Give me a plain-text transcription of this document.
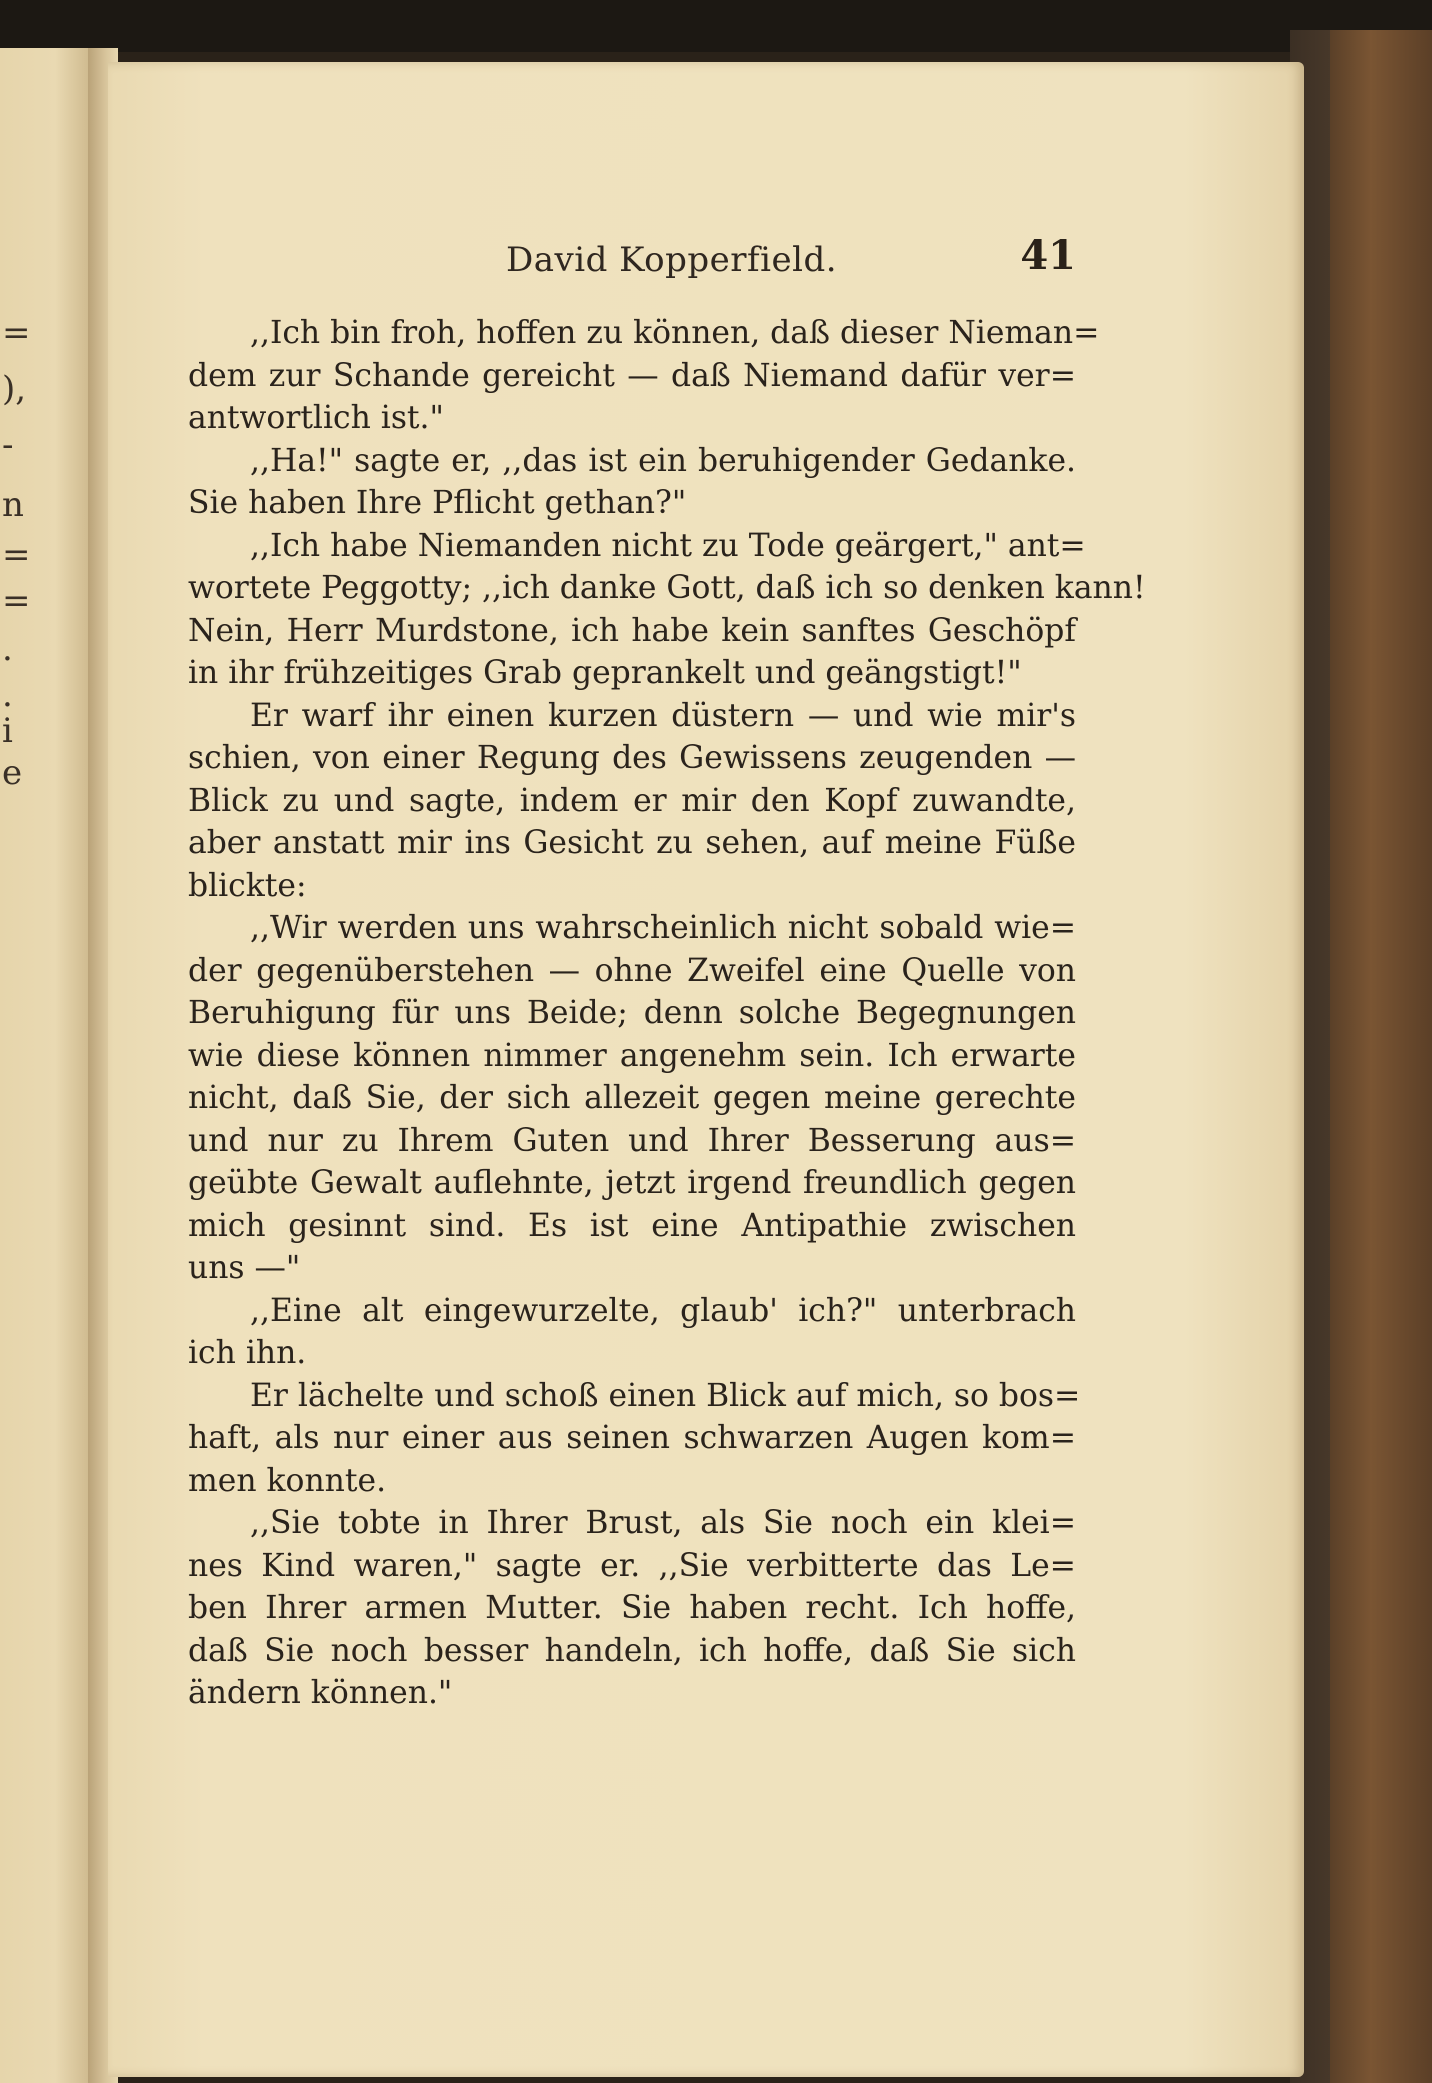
=
),
-
n
=
=
.
.
i
e
David Kopperfield.	41
,,Ich bin froh, hoffen zu können, daß dieser Nieman=
dem zur Schande gereicht — daß Niemand dafür ver=
antwortlich ist."
,,Ha!" sagte er, ,,das ist ein beruhigender Gedanke.
Sie haben Ihre Pflicht gethan?"
,,Ich habe Niemanden nicht zu Tode geärgert," ant=
wortete Peggotty; ,,ich danke Gott, daß ich so denken kann!
Nein, Herr Murdstone, ich habe kein sanftes Geschöpf
in ihr frühzeitiges Grab geprankelt und geängstigt!"
Er warf ihr einen kurzen düstern — und wie mir's
schien, von einer Regung des Gewissens zeugenden —
Blick zu und sagte, indem er mir den Kopf zuwandte,
aber anstatt mir ins Gesicht zu sehen, auf meine Füße
blickte:
,,Wir werden uns wahrscheinlich nicht sobald wie=
der gegenüberstehen — ohne Zweifel eine Quelle von
Beruhigung für uns Beide; denn solche Begegnungen
wie diese können nimmer angenehm sein. Ich erwarte
nicht, daß Sie, der sich allezeit gegen meine gerechte
und nur zu Ihrem Guten und Ihrer Besserung aus=
geübte Gewalt auflehnte, jetzt irgend freundlich gegen
mich gesinnt sind. Es ist eine Antipathie zwischen
uns —"
,,Eine alt eingewurzelte, glaub' ich?" unterbrach
ich ihn.
Er lächelte und schoß einen Blick auf mich, so bos=
haft, als nur einer aus seinen schwarzen Augen kom=
men konnte.
,,Sie tobte in Ihrer Brust, als Sie noch ein klei=
nes Kind waren," sagte er. ,,Sie verbitterte das Le=
ben Ihrer armen Mutter. Sie haben recht. Ich hoffe,
daß Sie noch besser handeln, ich hoffe, daß Sie sich
ändern können."
